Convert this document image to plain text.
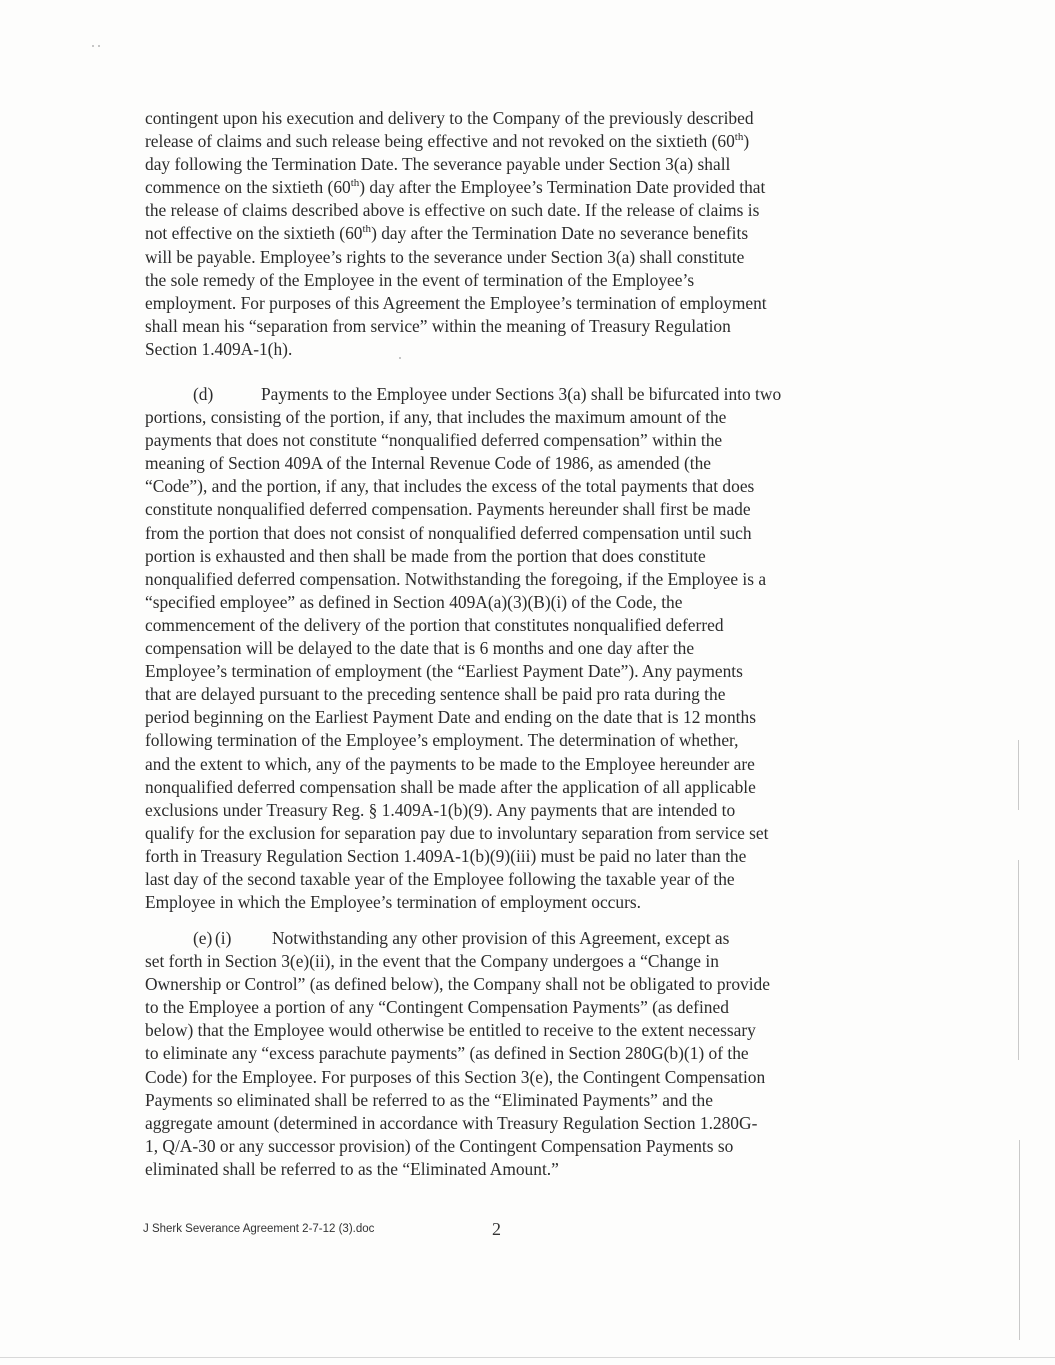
contingent upon his execution and delivery to the Company of the previously described
release of claims and such release being effective and not revoked on the sixtieth (60th)
day following the Termination Date. The severance payable under Section 3(a) shall
commence on the sixtieth (60th) day after the Employee’s Termination Date provided that
the release of claims described above is effective on such date. If the release of claims is
not effective on the sixtieth (60th) day after the Termination Date no severance benefits
will be payable. Employee’s rights to the severance under Section 3(a) shall constitute
the sole remedy of the Employee in the event of termination of the Employee’s
employment. For purposes of this Agreement the Employee’s termination of employment
shall mean his “separation from service” within the meaning of Treasury Regulation
Section 1.409A-1(h).
(d)	Payments to the Employee under Sections 3(a) shall be bifurcated into two
portions, consisting of the portion, if any, that includes the maximum amount of the
payments that does not constitute “nonqualified deferred compensation” within the
meaning of Section 409A of the Internal Revenue Code of 1986, as amended (the
“Code”), and the portion, if any, that includes the excess of the total payments that does
constitute nonqualified deferred compensation. Payments hereunder shall first be made
from the portion that does not consist of nonqualified deferred compensation until such
portion is exhausted and then shall be made from the portion that does constitute
nonqualified deferred compensation. Notwithstanding the foregoing, if the Employee is a
“specified employee” as defined in Section 409A(a)(3)(B)(i) of the Code, the
commencement of the delivery of the portion that constitutes nonqualified deferred
compensation will be delayed to the date that is 6 months and one day after the
Employee’s termination of employment (the “Earliest Payment Date”). Any payments
that are delayed pursuant to the preceding sentence shall be paid pro rata during the
period beginning on the Earliest Payment Date and ending on the date that is 12 months
following termination of the Employee’s employment. The determination of whether,
and the extent to which, any of the payments to be made to the Employee hereunder are
nonqualified deferred compensation shall be made after the application of all applicable
exclusions under Treasury Reg. § 1.409A-1(b)(9). Any payments that are intended to
qualify for the exclusion for separation pay due to involuntary separation from service set
forth in Treasury Regulation Section 1.409A-1(b)(9)(iii) must be paid no later than the
last day of the second taxable year of the Employee following the taxable year of the
Employee in which the Employee’s termination of employment occurs.
(e) (i) Notwithstanding any other provision of this Agreement, except as
set forth in Section 3(e)(ii), in the event that the Company undergoes a “Change in
Ownership or Control” (as defined below), the Company shall not be obligated to provide
to the Employee a portion of any “Contingent Compensation Payments” (as defined
below) that the Employee would otherwise be entitled to receive to the extent necessary
to eliminate any “excess parachute payments” (as defined in Section 280G(b)(1) of the
Code) for the Employee. For purposes of this Section 3(e), the Contingent Compensation
Payments so eliminated shall be referred to as the “Eliminated Payments” and the
aggregate amount (determined in accordance with Treasury Regulation Section 1.280G-
1, Q/A-30 or any successor provision) of the Contingent Compensation Payments so
eliminated shall be referred to as the “Eliminated Amount.”
J Sherk Severance Agreement 2-7-12 (3).doc	2
